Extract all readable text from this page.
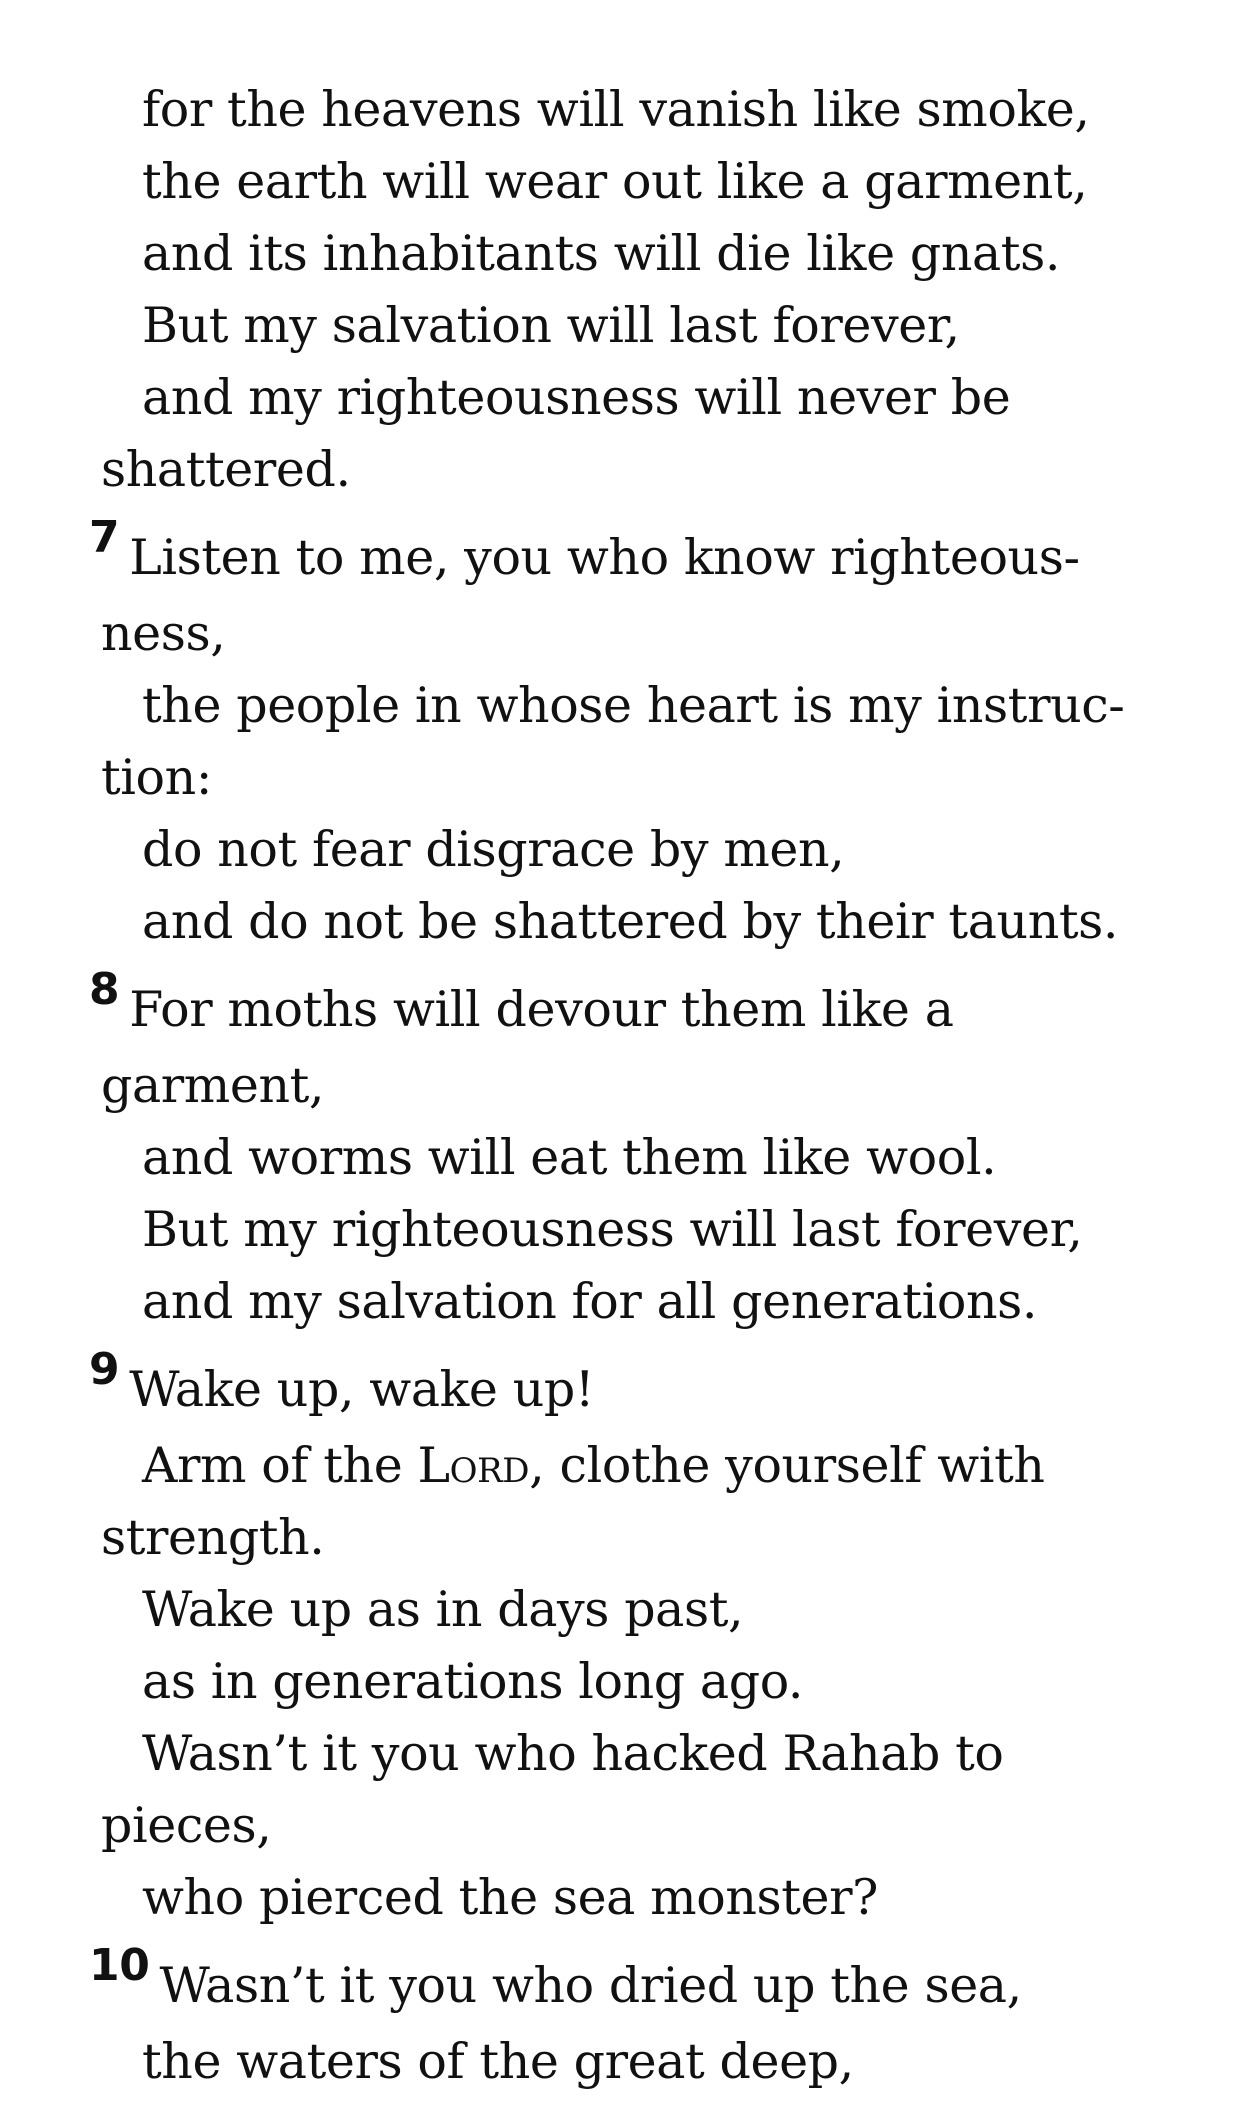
for the heavens will vanish like smoke,
the earth will wear out like a garment,
and its inhabitants will die like gnats.
But my salvation will last forever,
and my righteousness will never be
shattered.
7 Listen to me, you who know righteous-
ness,
the people in whose heart is my instruc-
tion:
do not fear disgrace by men,
and do not be shattered by their taunts.
8 For moths will devour them like a
garment,
and worms will eat them like wool.
But my righteousness will last forever,
and my salvation for all generations.
9 Wake up, wake up!
Arm of the Lord, clothe yourself with
strength.
Wake up as in days past,
as in generations long ago.
Wasn’t it you who hacked Rahab to
pieces,
who pierced the sea monster?
10 Wasn’t it you who dried up the sea,
the waters of the great deep,
